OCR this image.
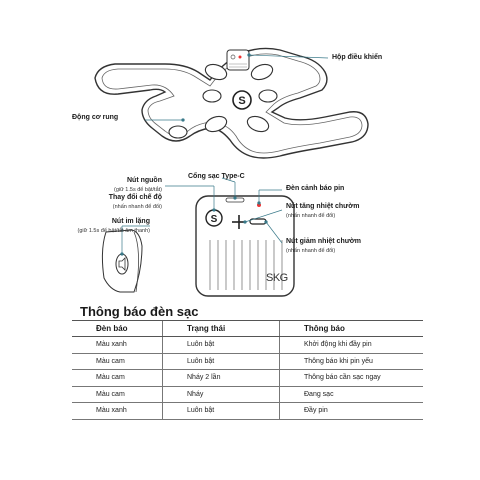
S
S
Hộp điều khiển
Động cơ rung
Cổng sạc Type-C
Nút nguồn
(giữ 1.5s để bật/tắt)
Thay đổi chế độ
(nhấn nhanh để đổi)
Nút im lặng
(giữ 1.5s để bật/tắt âm thanh)
Đèn cảnh báo pin
Nút tăng nhiệt chườm
(nhấn nhanh để đổi)
Nút giảm nhiệt chườm
(nhấn nhanh để đổi)
SKG
Thông báo đèn sạc
Đèn báo	Trạng thái	Thông báo
Màu xanh	Luôn bật	Khởi động khi đầy pin
Màu cam	Luôn bật	Thông báo khi pin yếu
Màu cam	Nháy 2 lần	Thông báo cần sạc ngay
Màu cam	Nháy	Đang sạc
Màu xanh	Luôn bật	Đầy pin
